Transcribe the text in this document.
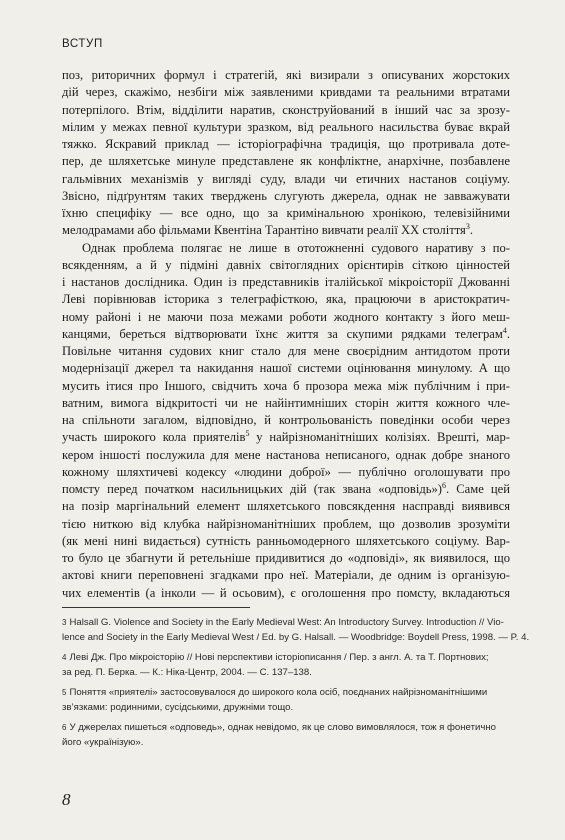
ВСТУП

поз, риторичних формул і стратегій, які визирали з описуваних жорстоких
дій через, скажімо, незбіги між заявленими кривдами та реальними втратами
потерпілого. Втім, відділити наратив, сконструйований в інший час за зрозу-
мілим у межах певної культури зразком, від реального насильства буває вкрай
тяжко. Яскравий приклад — історіографічна традиція, що протривала доте-
пер, де шляхетське минуле представлене як конфліктне, анархічне, позбавлене
гальмівних механізмів у вигляді суду, влади чи етичних настанов соціуму.
Звісно, підґрунтям таких тверджень слугують джерела, однак не завважувати
їхню специфіку — все одно, що за кримінальною хронікою, телевізійними
мелодрамами або фільмами Квентіна Тарантіно вивчати реалії XX століття$^3$.

Однак проблема полягає не лише в ототожненні судового наративу з по-
всякденням, а й у підміні давніх світоглядних орієнтирів сіткою цінностей
і настанов дослідника. Один із представників італійської мікроісторії Джованні
Леві порівнював історика з телеграфісткою, яка, працюючи в аристократич-
ному районі і не маючи поза межами роботи жодного контакту з його меш-
канцями, береться відтворювати їхнє життя за скупими рядками телеграм$^4$.
Повільне читання судових книг стало для мене своєрідним антидотом проти
модернізації джерел та накидання нашої системи оцінювання минулому. А що
мусить ітися про Іншого, свідчить хоча б прозора межа між публічним і при-
ватним, вимога відкритості чи не найінтимніших сторін життя кожного чле-
на спільноти загалом, відповідно, й контрольованість поведінки особи через
участь широкого кола приятелів$^5$ у найрізноманітніших колізіях. Врешті, мар-
кером іншості послужила для мене настанова неписаного, однак добре знаного
кожному шляхтичеві кодексу «людини доброї» — публічно оголошувати про
помсту перед початком насильницьких дій (так звана «одповідь»)$^6$. Саме цей
на позір маргінальний елемент шляхетського повсякдення насправді виявився
тією ниткою від клубка найрізноманітніших проблем, що дозволив зрозуміти
(як мені нині видається) сутність ранньомодерного шляхетського соціуму. Вар-
то було це збагнути й ретельніше придивитися до «одповіді», як виявилося, що
актові книги переповнені згадками про неї. Матеріали, де одним із організую-
чих елементів (а інколи — й осьовим), є оголошення про помсту, вкладаються

3 Halsall G. Violence and Society in the Early Medieval West: An Introductory Survey. Introduction // Vio-
lence and Society in the Early Medieval West / Ed. by G. Halsall. — Woodbridge: Boydell Press, 1998. — P. 4.
4 Леві Дж. Про мікроісторію // Нові перспективи історіописання / Пер. з англ. А. та Т. Портнових;
за ред. П. Берка. — К.: Ніка-Центр, 2004. — С. 137–138.
5 Поняття «приятелі» застосовувалося до широкого кола осіб, поєднаних найрізноманітнішими
зв’язками: родинними, сусідськими, дружніми тощо.
6 У джерелах пишеться «одповедь», однак невідомо, як це слово вимовлялося, тож я фонетично
його «українізую».
8
